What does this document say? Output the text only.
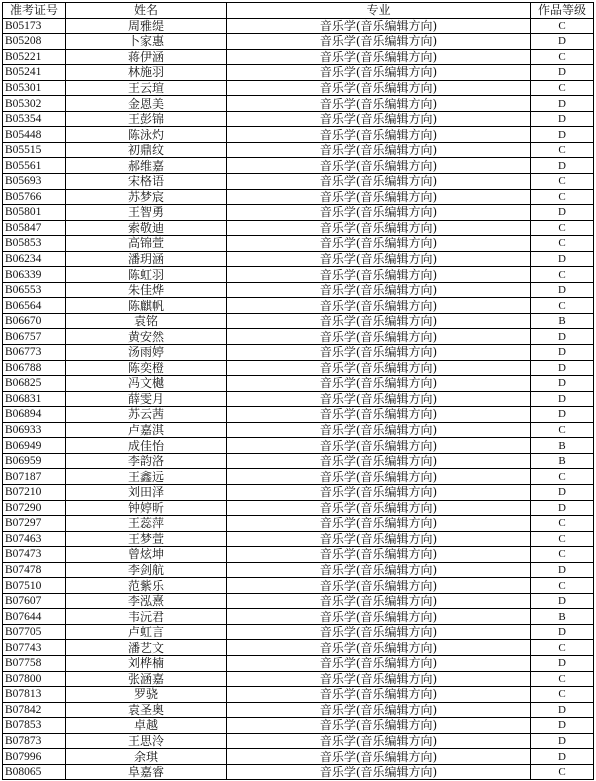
准考证号	姓名	专业	作品等级
B05173	周雅缇	音乐学(音乐编辑方向)	C
B05208	卜家惠	音乐学(音乐编辑方向)	D
B05221	蒋伊涵	音乐学(音乐编辑方向)	C
B05241	林施羽	音乐学(音乐编辑方向)	D
B05301	王云瑄	音乐学(音乐编辑方向)	C
B05302	金恩美	音乐学(音乐编辑方向)	D
B05354	王彭锦	音乐学(音乐编辑方向)	D
B05448	陈泳灼	音乐学(音乐编辑方向)	D
B05515	初鼎纹	音乐学(音乐编辑方向)	C
B05561	郝维嘉	音乐学(音乐编辑方向)	D
B05693	宋格语	音乐学(音乐编辑方向)	C
B05766	苏梦宸	音乐学(音乐编辑方向)	C
B05801	王智勇	音乐学(音乐编辑方向)	D
B05847	索敬迪	音乐学(音乐编辑方向)	C
B05853	高锦萱	音乐学(音乐编辑方向)	C
B06234	潘玥涵	音乐学(音乐编辑方向)	D
B06339	陈虹羽	音乐学(音乐编辑方向)	C
B06553	朱佳烨	音乐学(音乐编辑方向)	D
B06564	陈麒帆	音乐学(音乐编辑方向)	C
B06670	袁铭	音乐学(音乐编辑方向)	B
B06757	黄安然	音乐学(音乐编辑方向)	D
B06773	汤雨婷	音乐学(音乐编辑方向)	D
B06788	陈奕橙	音乐学(音乐编辑方向)	D
B06825	冯文樾	音乐学(音乐编辑方向)	D
B06831	薛雯月	音乐学(音乐编辑方向)	D
B06894	苏云茜	音乐学(音乐编辑方向)	D
B06933	卢嘉淇	音乐学(音乐编辑方向)	C
B06949	成佳怡	音乐学(音乐编辑方向)	B
B06959	李韵洛	音乐学(音乐编辑方向)	B
B07187	王鑫远	音乐学(音乐编辑方向)	C
B07210	刘田泽	音乐学(音乐编辑方向)	D
B07290	钟婷昕	音乐学(音乐编辑方向)	D
B07297	王蕊萍	音乐学(音乐编辑方向)	C
B07463	王梦萱	音乐学(音乐编辑方向)	C
B07473	曾炫坤	音乐学(音乐编辑方向)	C
B07478	李剑航	音乐学(音乐编辑方向)	D
B07510	范紫乐	音乐学(音乐编辑方向)	C
B07607	李泓熹	音乐学(音乐编辑方向)	D
B07644	韦沅君	音乐学(音乐编辑方向)	B
B07705	卢虹言	音乐学(音乐编辑方向)	D
B07743	潘艺文	音乐学(音乐编辑方向)	C
B07758	刘桦楠	音乐学(音乐编辑方向)	D
B07800	张涵嘉	音乐学(音乐编辑方向)	C
B07813	罗骁	音乐学(音乐编辑方向)	C
B07842	袁圣奥	音乐学(音乐编辑方向)	D
B07853	卓越	音乐学(音乐编辑方向)	D
B07873	王思泠	音乐学(音乐编辑方向)	D
B07996	余琪	音乐学(音乐编辑方向)	D
B08065	阜嘉睿	音乐学(音乐编辑方向)	C
